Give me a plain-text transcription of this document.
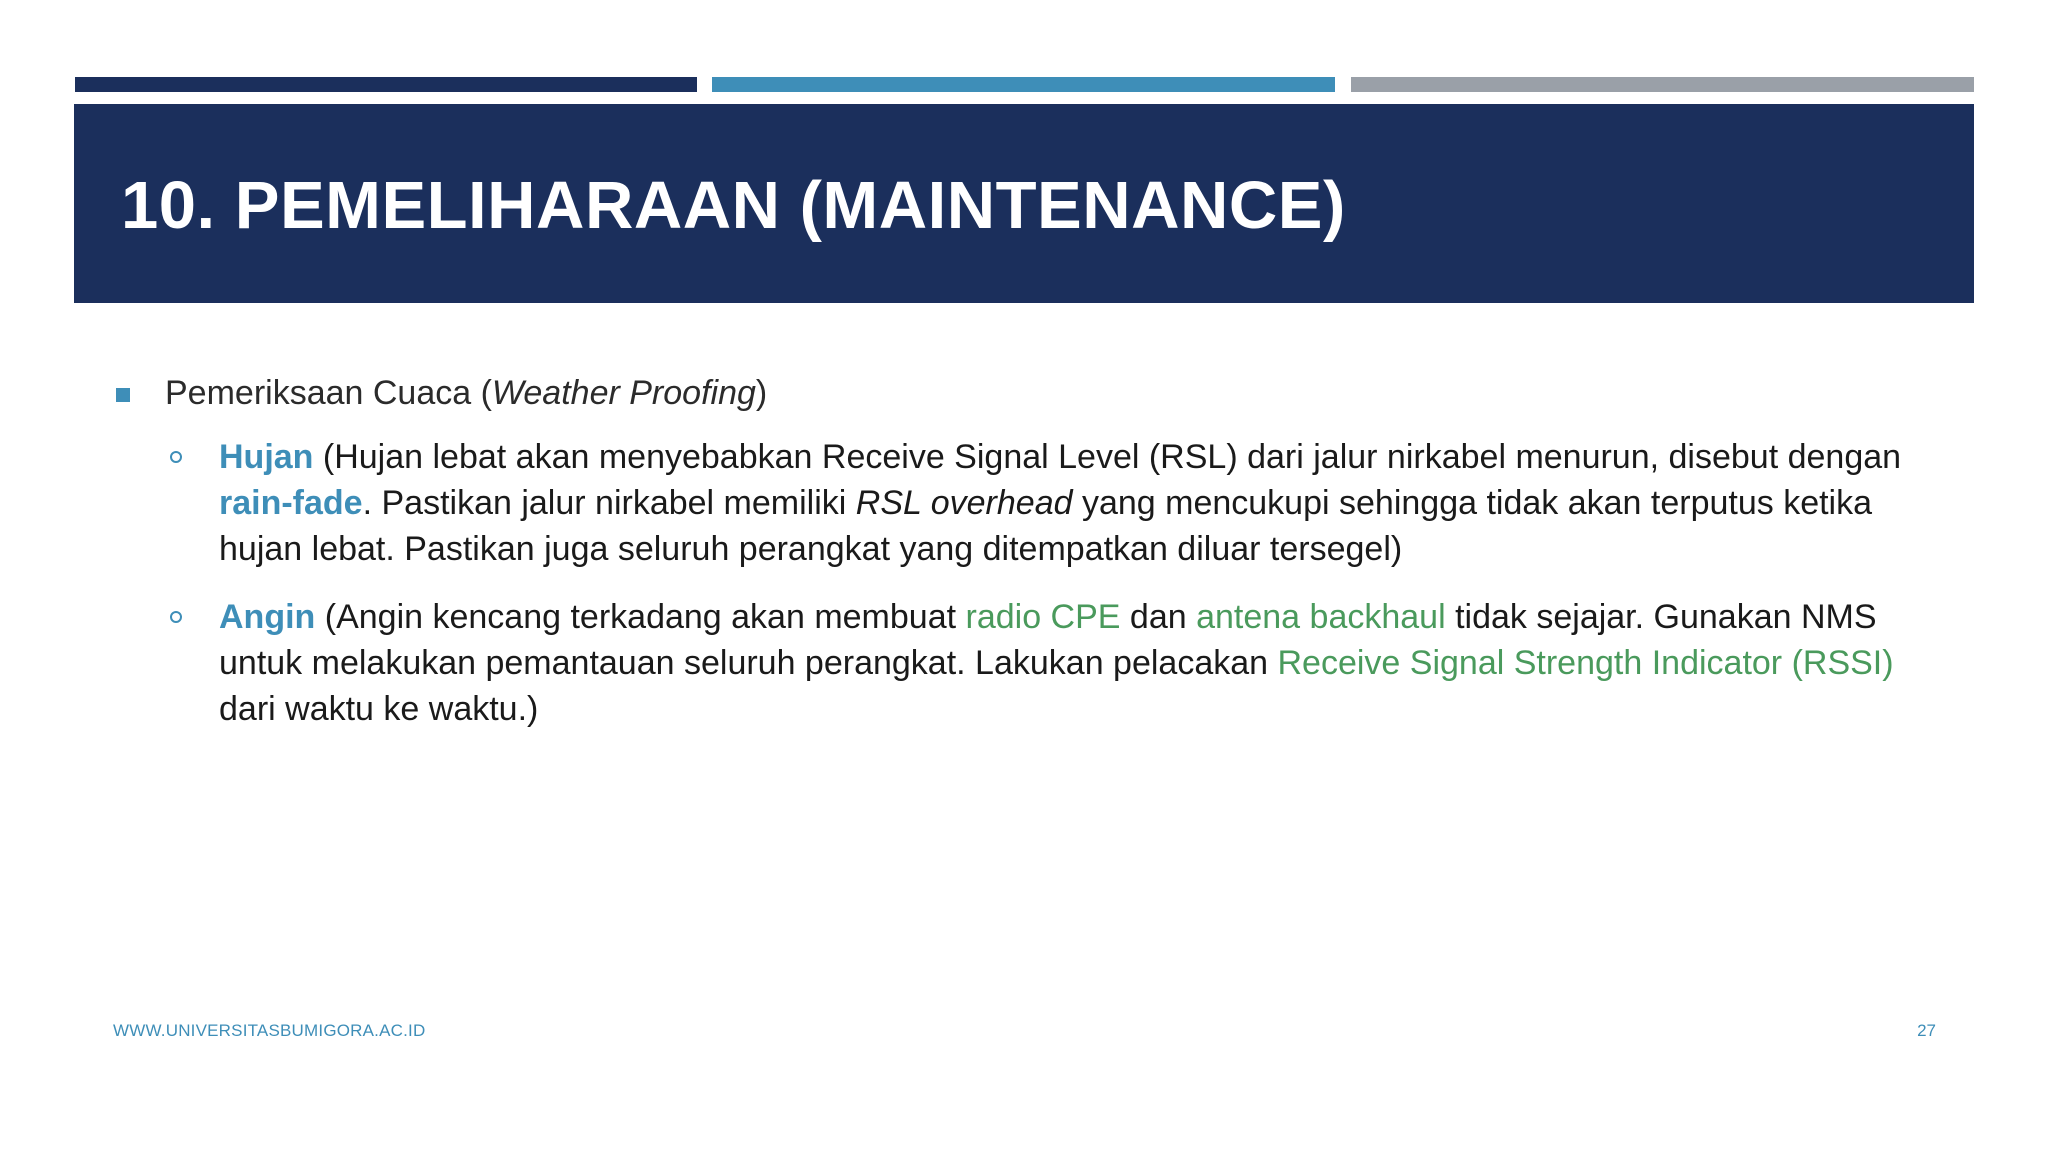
10. PEMELIHARAAN (MAINTENANCE)
Pemeriksaan Cuaca (Weather Proofing)
Hujan (Hujan lebat akan menyebabkan Receive Signal Level (RSL) dari jalur nirkabel menurun, disebut dengan rain-fade. Pastikan jalur nirkabel memiliki RSL overhead yang mencukupi sehingga tidak akan terputus ketika hujan lebat. Pastikan juga seluruh perangkat yang ditempatkan diluar tersegel)
Angin (Angin kencang terkadang akan membuat radio CPE dan antena backhaul tidak sejajar. Gunakan NMS untuk melakukan pemantauan seluruh perangkat. Lakukan pelacakan Receive Signal Strength Indicator (RSSI) dari waktu ke waktu.)
WWW.UNIVERSITASBUMIGORA.AC.ID	27
